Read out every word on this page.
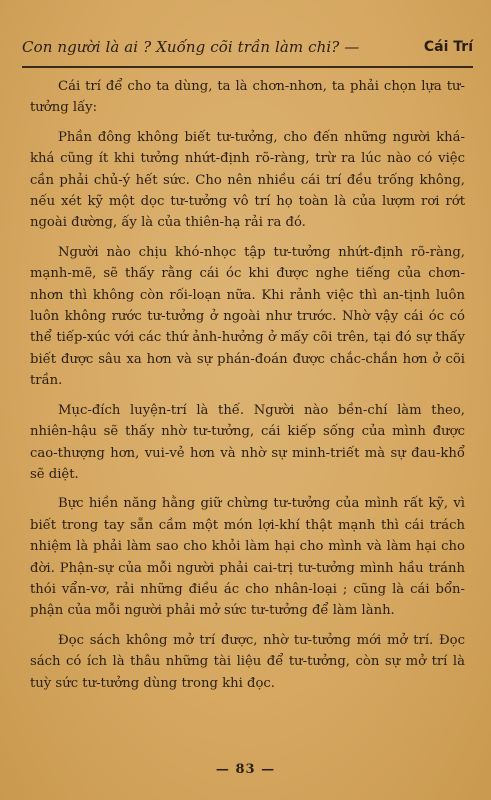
Con người là ai ? Xuống cõi trần làm chi? —	Cái Trí

Cái trí để cho ta dùng, ta là chơn-nhơn, ta phải chọn lựa tư-tưởng lấy:

Phần đông không biết tư-tưởng, cho đến những người khá-khá cũng ít khi tưởng nhứt-định rõ-ràng, trừ ra lúc nào có việc cần phải chủ-ý hết sức. Cho nên nhiều cái trí đều trống không, nếu xét kỹ một dọc tư-tưởng vô trí họ toàn là của lượm rơi rớt ngoài đường, ấy là của thiên-hạ rải ra đó.

Người nào chịu khó-nhọc tập tư-tưởng nhứt-định rõ-ràng, mạnh-mẽ, sẽ thấy rằng cái óc khi được nghe tiếng của chơn-nhơn thì không còn rối-loạn nữa. Khi rảnh việc thì an-tịnh luôn luôn không rước tư-tưởng ở ngoài như trước. Nhờ vậy cái óc có thể tiếp-xúc với các thứ ảnh-hưởng ở mấy cõi trên, tại đó sự thấy biết được sâu xa hơn và sự phán-đoán được chắc-chắn hơn ở cõi trần.

Mục-đích luyện-trí là thế. Người nào bền-chí làm theo, nhiên-hậu sẽ thấy nhờ tư-tưởng, cái kiếp sống của mình được cao-thượng hơn, vui-vẻ hơn và nhờ sự minh-triết mà sự đau-khổ sẽ diệt.

Bực hiền năng hằng giữ chừng tư-tưởng của mình rất kỹ, vì biết trong tay sẵn cầm một món lợi-khí thật mạnh thì cái trách nhiệm là phải làm sao cho khỏi làm hại cho mình và làm hại cho đời. Phận-sự của mỗi người phải cai-trị tư-tưởng mình hầu tránh thói vẩn-vơ, rải những điều ác cho nhân-loại ; cũng là cái bổn-phận của mỗi người phải mở sức tư-tưởng để làm lành.

Đọc sách không mở trí được, nhờ tư-tưởng mới mở trí. Đọc sách có ích là thâu những tài liệu để tư-tưởng, còn sự mở trí là tuỳ sức tư-tưởng dùng trong khi đọc.

— 83 —
